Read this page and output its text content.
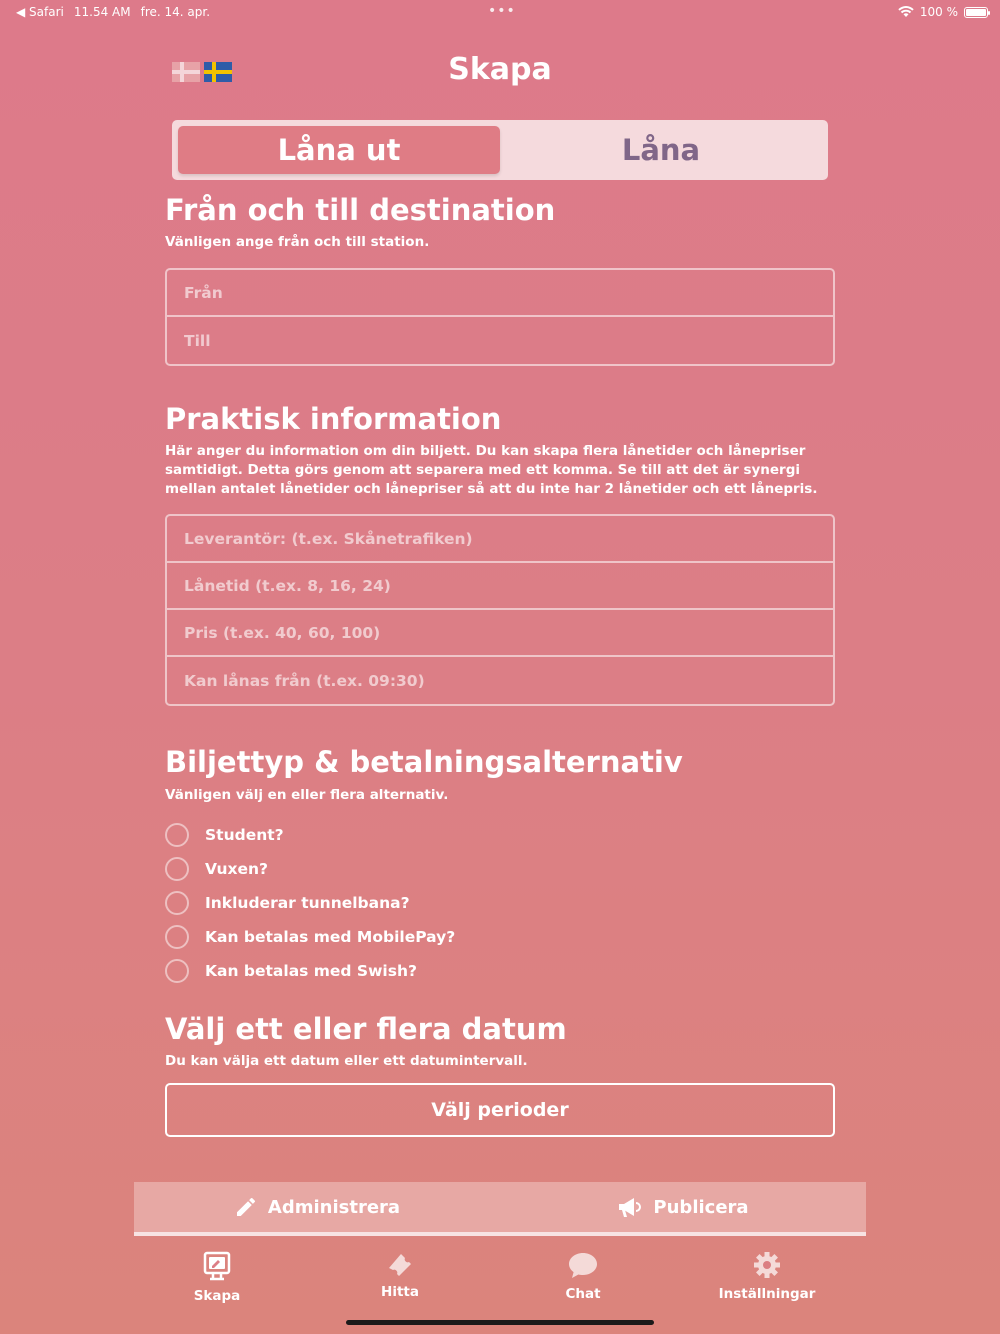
◀ Safari 11.54 AM fre. 14. apr.	•••	100 %
Skapa
Låna ut	Låna
Från och till destination
Vänligen ange från och till station.
Från
Till
Praktisk information
Här anger du information om din biljett. Du kan skapa flera lånetider och lånepriser samtidigt. Detta görs genom att separera med ett komma. Se till att det är synergi mellan antalet lånetider och lånepriser så att du inte har 2 lånetider och ett lånepris.
Leverantör: (t.ex. Skånetrafiken)
Lånetid (t.ex. 8, 16, 24)
Pris (t.ex. 40, 60, 100)
Kan lånas från (t.ex. 09:30)
Biljettyp & betalningsalternativ
Vänligen välj en eller flera alternativ.
Student?
Vuxen?
Inkluderar tunnelbana?
Kan betalas med MobilePay?
Kan betalas med Swish?
Välj ett eller flera datum
Du kan välja ett datum eller ett datumintervall.
Välj perioder
Administrera	Publicera
Skapa	Hitta	Chat	Inställningar
